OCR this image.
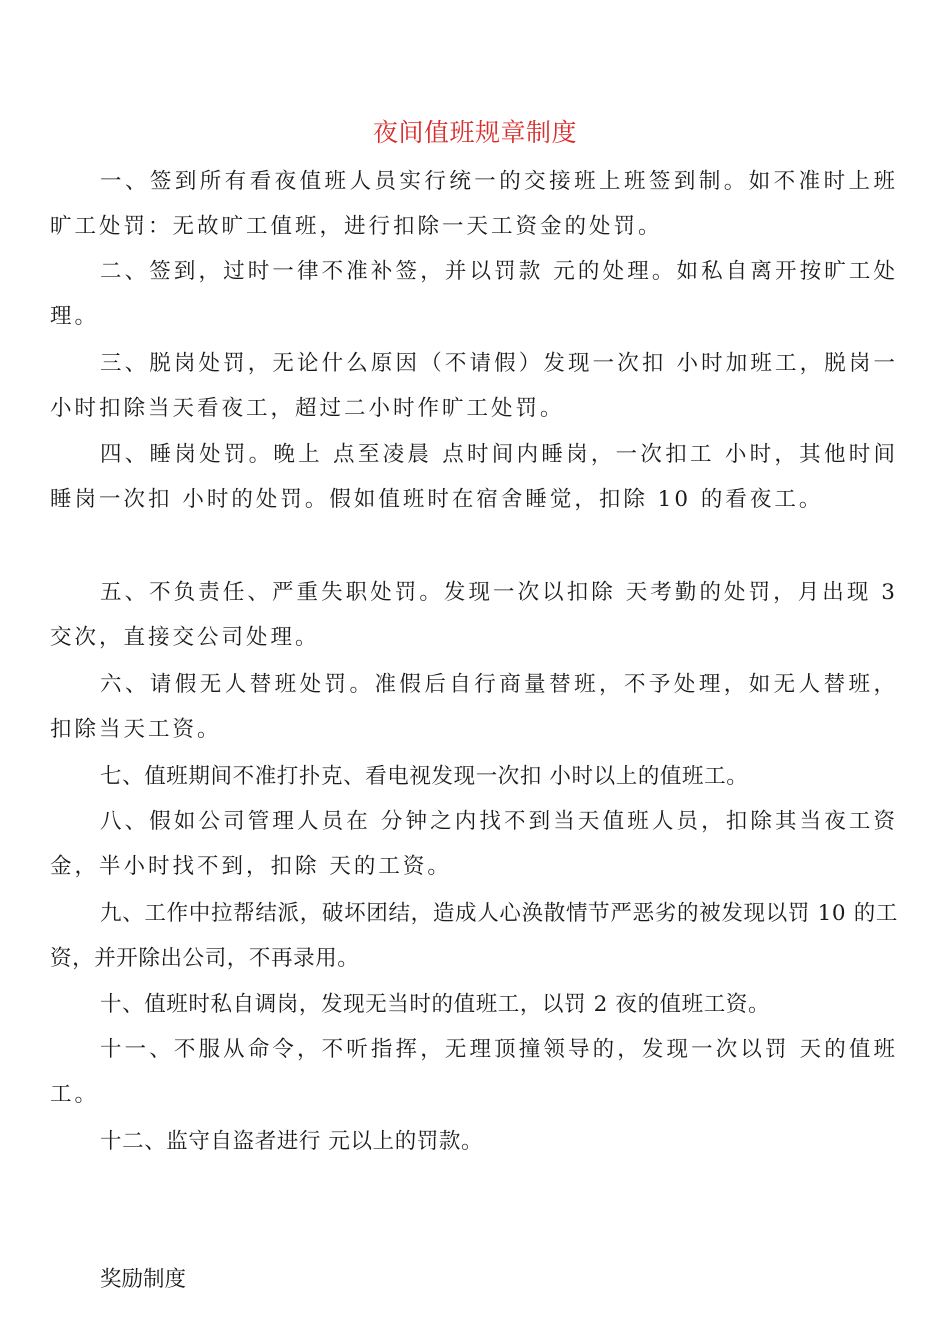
夜间值班规章制度

一、签到所有看夜值班人员实行统一的交接班上班签到制。如不准时上班旷工处罚：无故旷工值班，进行扣除一天工资金的处罚。

二、签到，过时一律不准补签，并以罚款 元的处理。如私自离开按旷工处理。

三、脱岗处罚，无论什么原因（不请假）发现一次扣 小时加班工，脱岗一小时扣除当天看夜工，超过二小时作旷工处罚。

四、睡岗处罚。晚上 点至凌晨 点时间内睡岗，一次扣工 小时，其他时间睡岗一次扣 小时的处罚。假如值班时在宿舍睡觉，扣除 10 的看夜工。

五、不负责任、严重失职处罚。发现一次以扣除 天考勤的处罚，月出现 3 交次，直接交公司处理。

六、请假无人替班处罚。准假后自行商量替班，不予处理，如无人替班，扣除当天工资。

七、值班期间不准打扑克、看电视发现一次扣 小时以上的值班工。

八、假如公司管理人员在 分钟之内找不到当天值班人员，扣除其当夜工资金，半小时找不到，扣除 天的工资。

九、工作中拉帮结派，破坏团结，造成人心涣散情节严恶劣的被发现以罚 10 的工资，并开除出公司，不再录用。

十、值班时私自调岗，发现无当时的值班工，以罚 2 夜的值班工资。

十一、不服从命令，不听指挥，无理顶撞领导的，发现一次以罚 天的值班工。

十二、监守自盗者进行 元以上的罚款。

奖励制度
